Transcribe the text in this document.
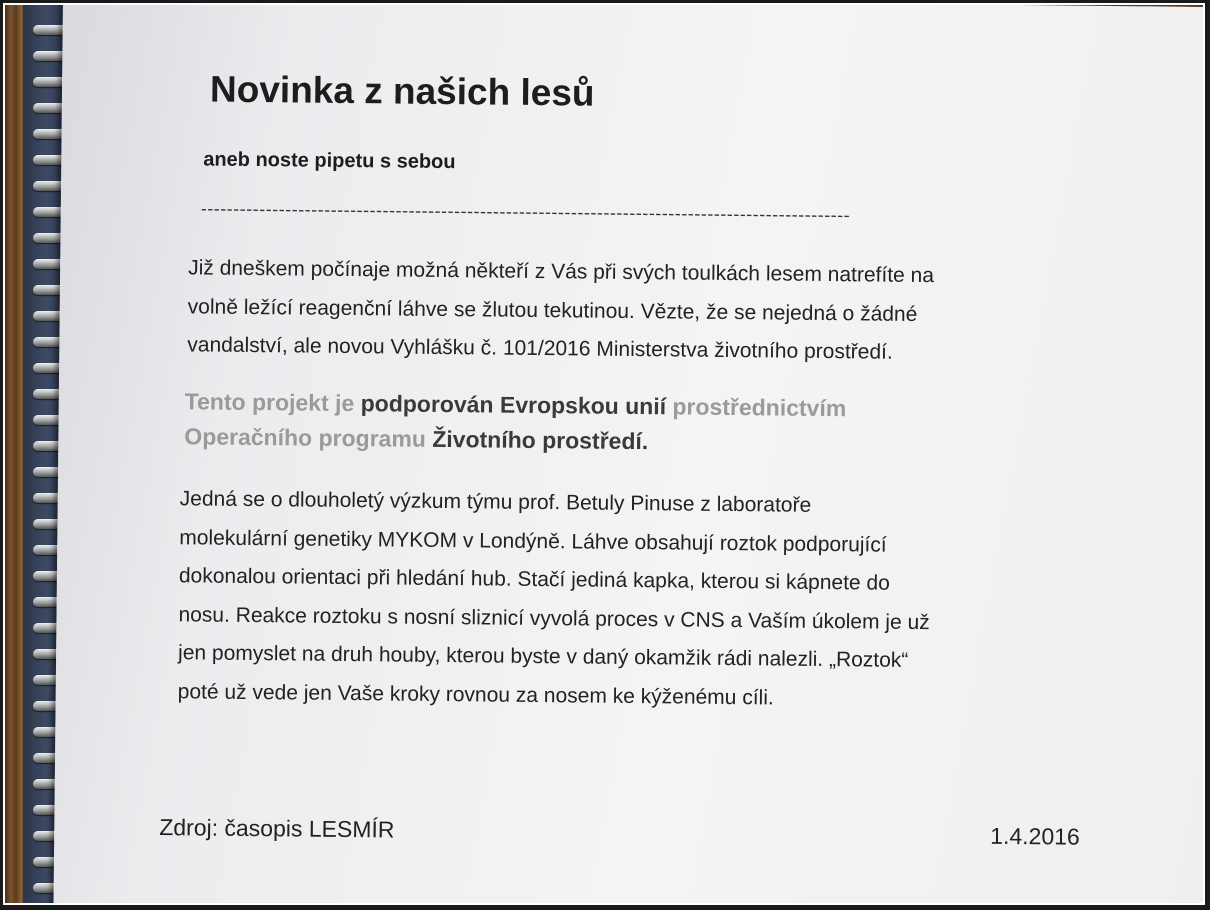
Novinka z našich lesů
aneb noste pipetu s sebou
----------------------------------------------------------------------------------------------------
Již dneškem počínaje možná někteří z Vás při svých toulkách lesem natrefíte na
volně ležící reagenční láhve se žlutou tekutinou. Vězte, že se nejedná o žádné
vandalství, ale novou Vyhlášku č. 101/2016 Ministerstva životního prostředí.
Tento projekt je podporován Evropskou unií prostřednictvím
Operačního programu Životního prostředí.
Jedná se o dlouholetý výzkum týmu prof. Betuly Pinuse z laboratoře
molekulární genetiky MYKOM v Londýně. Láhve obsahují roztok podporující
dokonalou orientaci při hledání hub. Stačí jediná kapka, kterou si kápnete do
nosu. Reakce roztoku s nosní sliznicí vyvolá proces v CNS a Vaším úkolem je už
jen pomyslet na druh houby, kterou byste v daný okamžik rádi nalezli. „Roztok“
poté už vede jen Vaše kroky rovnou za nosem ke kýženému cíli.
Zdroj: časopis LESMÍR	1.4.2016
